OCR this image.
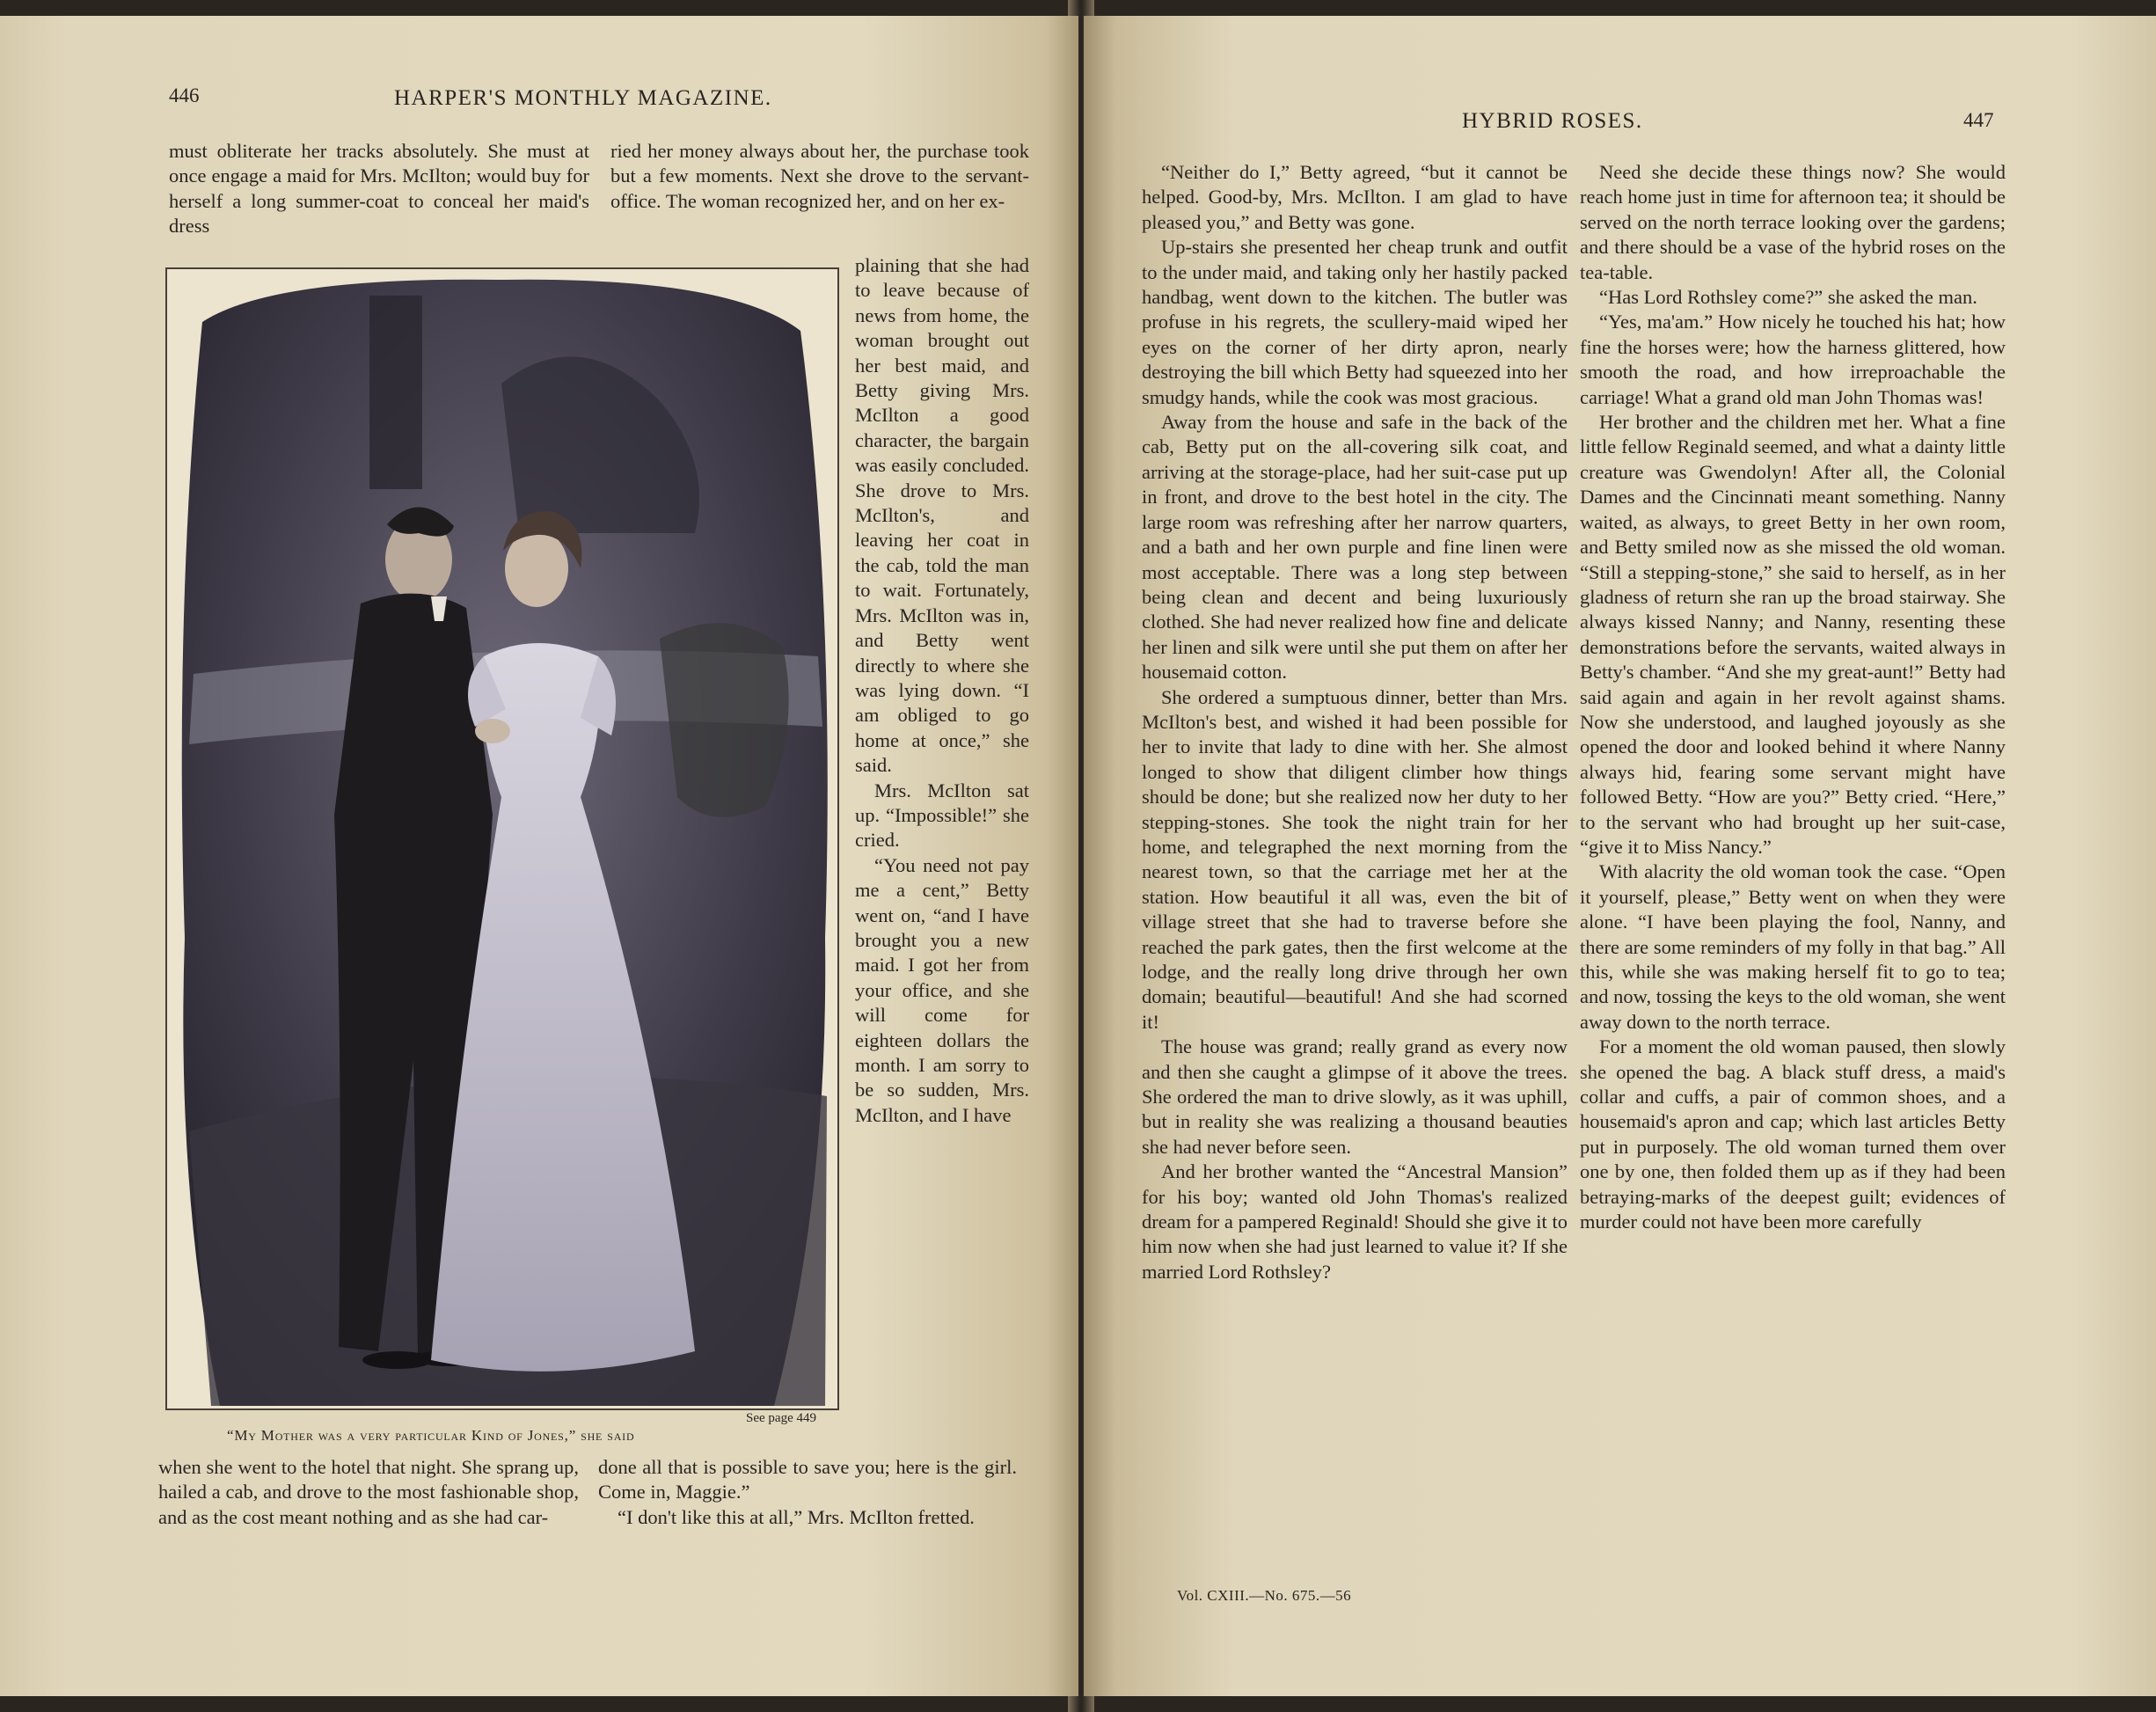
446	HARPER'S MONTHLY MAGAZINE.

must obliterate her tracks absolutely. She must at once engage a maid for Mrs. McIlton; would buy for herself a long summer-coat to conceal her maid's dress

ried her money always about her, the purchase took but a few moments. Next she drove to the servant-office. The woman recognized her, and on her ex-

plaining that she had to leave because of news from home, the woman brought out her best maid, and Betty giving Mrs. McIlton a good character, the bargain was easily concluded. She drove to Mrs. McIlton's, and leaving her coat in the cab, told the man to wait. Fortunately, Mrs. McIlton was in, and Betty went directly to where she was lying down. “I am obliged to go home at once,” she said.

Mrs. McIlton sat up. “Impossible!” she cried.

“You need not pay me a cent,” Betty went on, “and I have brought you a new maid. I got her from your office, and she will come for eighteen dollars the month. I am sorry to be so sudden, Mrs. McIlton, and I have

See page 449
“My Mother was a very particular Kind of Jones,” she said

when she went to the hotel that night. She sprang up, hailed a cab, and drove to the most fashionable shop, and as the cost meant nothing and as she had car-

done all that is possible to save you; here is the girl. Come in, Maggie.”

“I don't like this at all,” Mrs. McIlton fretted.

HYBRID ROSES.	447

“Neither do I,” Betty agreed, “but it cannot be helped. Good-by, Mrs. McIlton. I am glad to have pleased you,” and Betty was gone.

Up-stairs she presented her cheap trunk and outfit to the under maid, and taking only her hastily packed handbag, went down to the kitchen. The butler was profuse in his regrets, the scullery-maid wiped her eyes on the corner of her dirty apron, nearly destroying the bill which Betty had squeezed into her smudgy hands, while the cook was most gracious.

Away from the house and safe in the back of the cab, Betty put on the all-covering silk coat, and arriving at the storage-place, had her suit-case put up in front, and drove to the best hotel in the city. The large room was refreshing after her narrow quarters, and a bath and her own purple and fine linen were most acceptable. There was a long step between being clean and decent and being luxuriously clothed. She had never realized how fine and delicate her linen and silk were until she put them on after her housemaid cotton.

She ordered a sumptuous dinner, better than Mrs. McIlton's best, and wished it had been possible for her to invite that lady to dine with her. She almost longed to show that diligent climber how things should be done; but she realized now her duty to her stepping-stones. She took the night train for her home, and telegraphed the next morning from the nearest town, so that the carriage met her at the station. How beautiful it all was, even the bit of village street that she had to traverse before she reached the park gates, then the first welcome at the lodge, and the really long drive through her own domain; beautiful—beautiful! And she had scorned it!

The house was grand; really grand as every now and then she caught a glimpse of it above the trees. She ordered the man to drive slowly, as it was uphill, but in reality she was realizing a thousand beauties she had never before seen.

And her brother wanted the “Ancestral Mansion” for his boy; wanted old John Thomas's realized dream for a pampered Reginald! Should she give it to him now when she had just learned to value it? If she married Lord Rothsley?

Need she decide these things now? She would reach home just in time for afternoon tea; it should be served on the north terrace looking over the gardens; and there should be a vase of the hybrid roses on the tea-table.

“Has Lord Rothsley come?” she asked the man.

“Yes, ma'am.” How nicely he touched his hat; how fine the horses were; how the harness glittered, how smooth the road, and how irreproachable the carriage! What a grand old man John Thomas was!

Her brother and the children met her. What a fine little fellow Reginald seemed, and what a dainty little creature was Gwendolyn! After all, the Colonial Dames and the Cincinnati meant something. Nanny waited, as always, to greet Betty in her own room, and Betty smiled now as she missed the old woman. “Still a stepping-stone,” she said to herself, as in her gladness of return she ran up the broad stairway. She always kissed Nanny; and Nanny, resenting these demonstrations before the servants, waited always in Betty's chamber. “And she my great-aunt!” Betty had said again and again in her revolt against shams. Now she understood, and laughed joyously as she opened the door and looked behind it where Nanny always hid, fearing some servant might have followed Betty. “How are you?” Betty cried. “Here,” to the servant who had brought up her suit-case, “give it to Miss Nancy.”

With alacrity the old woman took the case. “Open it yourself, please,” Betty went on when they were alone. “I have been playing the fool, Nanny, and there are some reminders of my folly in that bag.” All this, while she was making herself fit to go to tea; and now, tossing the keys to the old woman, she went away down to the north terrace.

For a moment the old woman paused, then slowly she opened the bag. A black stuff dress, a maid's collar and cuffs, a pair of common shoes, and a housemaid's apron and cap; which last articles Betty put in purposely. The old woman turned them over one by one, then folded them up as if they had been betraying-marks of the deepest guilt; evidences of murder could not have been more carefully

Vol. CXIII.—No. 675.—56
